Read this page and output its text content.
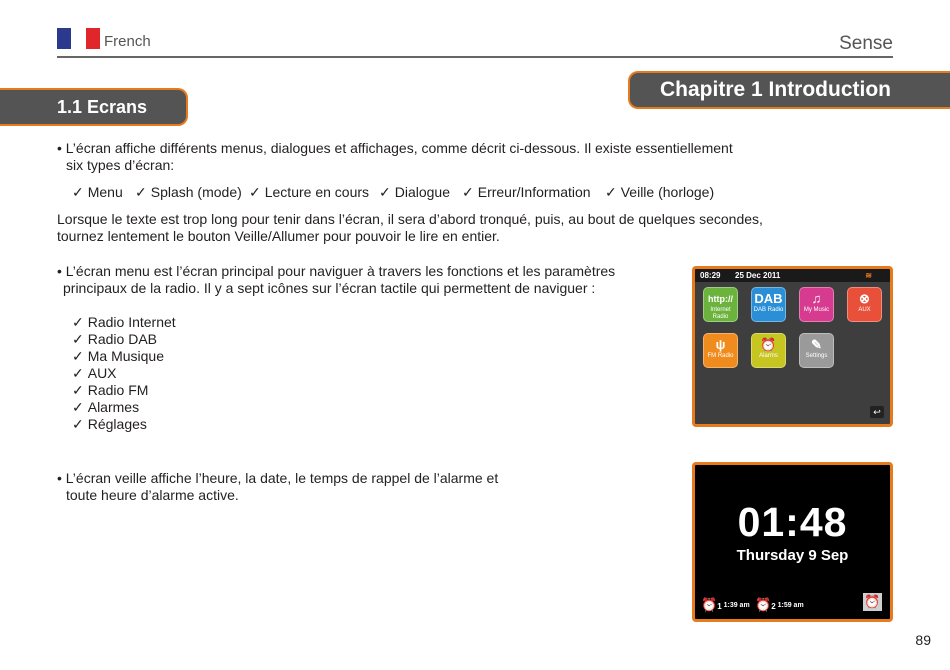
French	Sense
Chapitre 1 Introduction
1.1 Ecrans
• L’écran affiche différents menus, dialogues et affichages, comme décrit ci-dessous. Il existe essentiellement
six types d’écran:
✓ Menu ✓ Splash (mode) ✓ Lecture en cours ✓ Dialogue ✓ Erreur/Information ✓ Veille (horloge)
Lorsque le texte est trop long pour tenir dans l’écran, il sera d’abord tronqué, puis, au bout de quelques secondes,
tournez lentement le bouton Veille/Allumer pour pouvoir le lire en entier.
• L’écran menu est l’écran principal pour naviguer à travers les fonctions et les paramètres
principaux de la radio. Il y a sept icônes sur l’écran tactile qui permettent de naviguer :
✓ Radio Internet
✓ Radio DAB
✓ Ma Musique
✓ AUX
✓ Radio FM
✓ Alarmes
✓ Réglages
• L’écran veille affiche l’heure, la date, le temps de rappel de l’alarme et
toute heure d’alarme active.
08:29 25 Dec 2011	≋
http://
Internet Radio
DAB
DAB Radio
♫
My Music
⊗
AUX
ψ
FM Radio
⏰
Alarms
✎
Settings
↩
01:48
Thursday 9 Sep
$⏰_1$ 1:39 am $⏰_2$ 1:59 am	⏰
89
